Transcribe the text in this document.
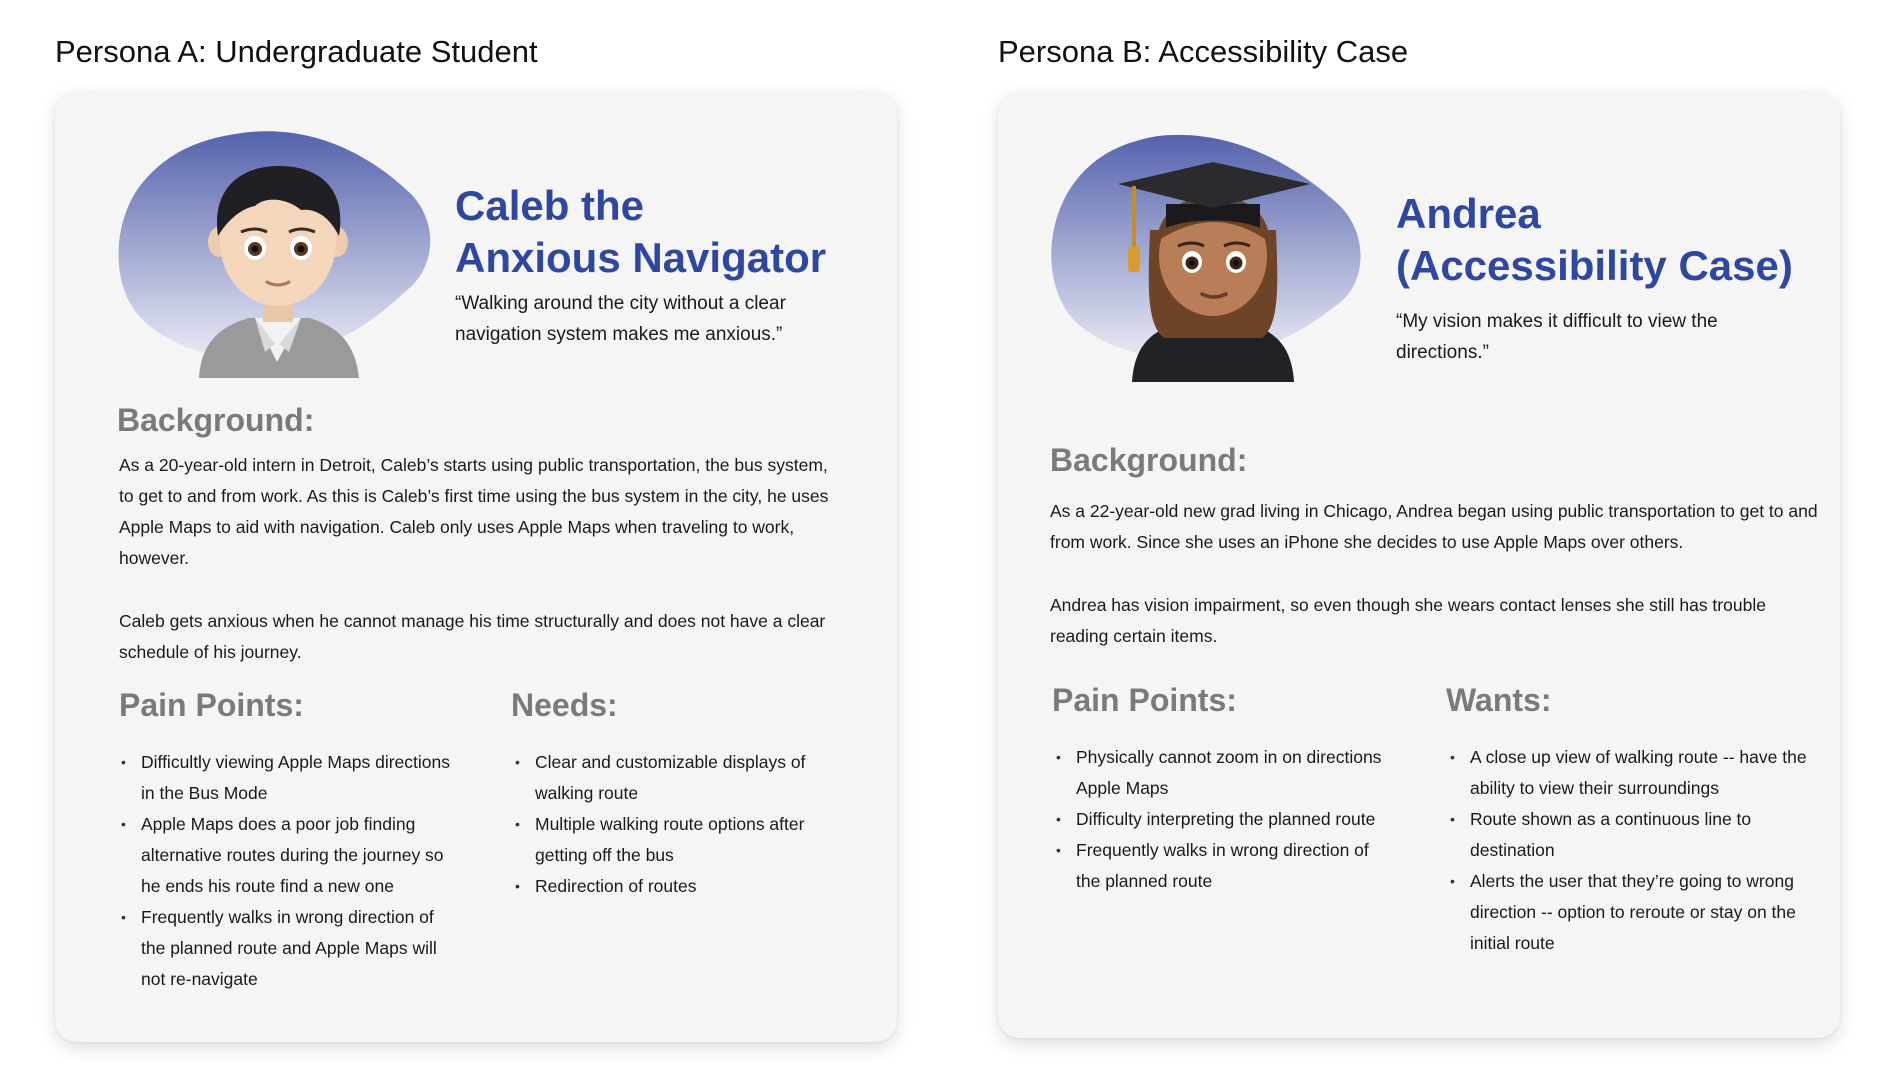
Persona A: Undergraduate Student
Caleb the
Anxious Navigator

“Walking around the city without a clear navigation system makes me anxious.”

Background:

As a 20-year-old intern in Detroit, Caleb’s starts using public transportation, the bus system, to get to and from work. As this is Caleb’s first time using the bus system in the city, he uses Apple Maps to aid with navigation. Caleb only uses Apple Maps when traveling to work, however.

Caleb gets anxious when he cannot manage his time structurally and does not have a clear schedule of his journey.

Pain Points:
• Difficultly viewing Apple Maps directions in the Bus Mode
• Apple Maps does a poor job finding alternative routes during the journey so he ends his route find a new one
• Frequently walks in wrong direction of the planned route and Apple Maps will not re-navigate
Needs:
• Clear and customizable displays of walking route
• Multiple walking route options after getting off the bus
• Redirection of routes
Persona B: Accessibility Case
Andrea
(Accessibility Case)

“My vision makes it difficult to view the directions.”

Background:

As a 22-year-old new grad living in Chicago, Andrea began using public transportation to get to and from work. Since she uses an iPhone she decides to use Apple Maps over others.

Andrea has vision impairment, so even though she wears contact lenses she still has trouble reading certain items.

Pain Points:
• Physically cannot zoom in on directions Apple Maps
• Difficulty interpreting the planned route
• Frequently walks in wrong direction of the planned route
Wants:
• A close up view of walking route -- have the ability to view their surroundings
• Route shown as a continuous line to destination
• Alerts the user that they’re going to wrong direction -- option to reroute or stay on the initial route
